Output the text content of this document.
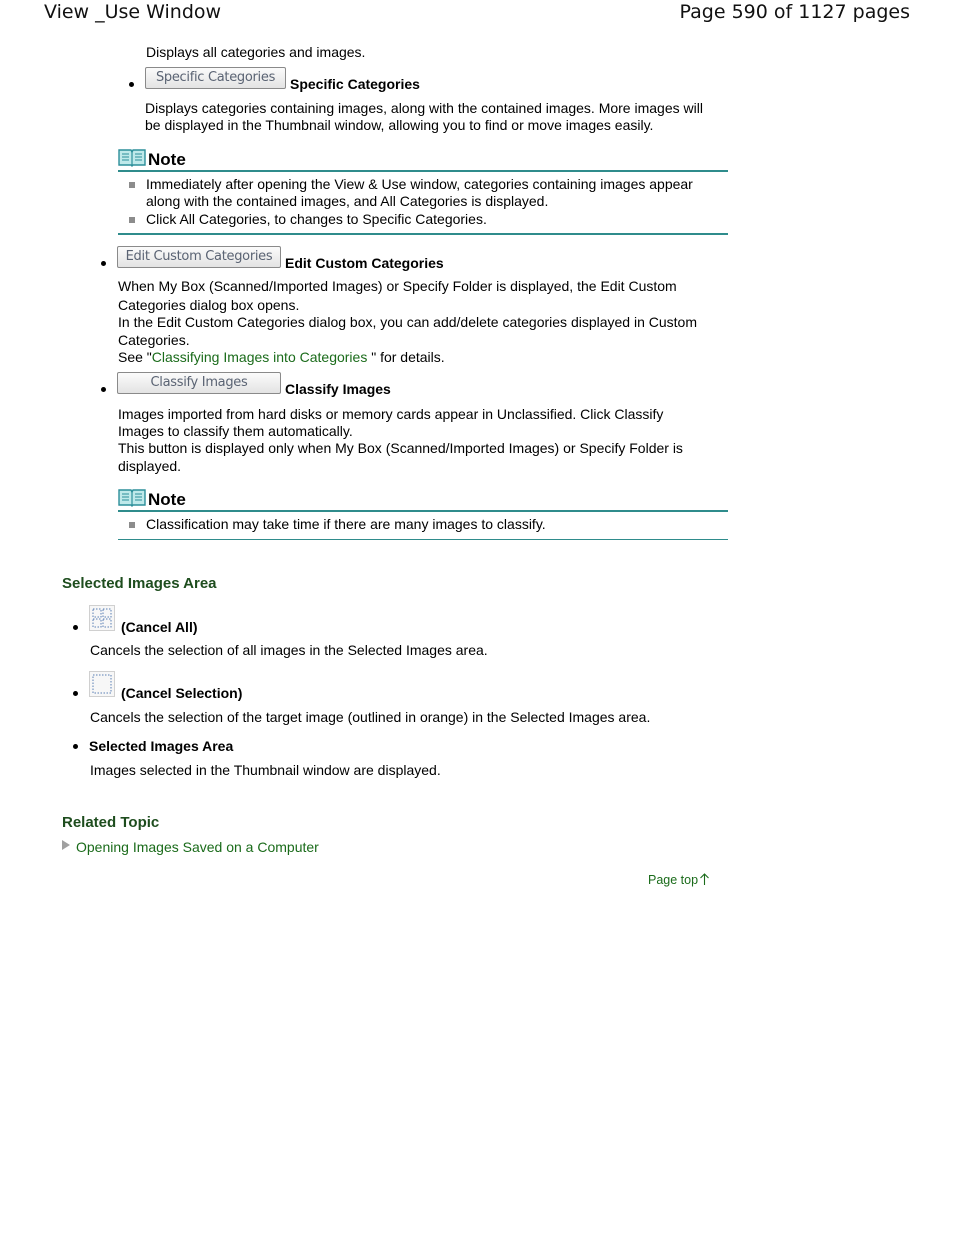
View _Use Window	Page 590 of 1127 pages

Displays all categories and images.

Specific Categories	Specific Categories

Displays categories containing images, along with the contained images. More images will

be displayed in the Thumbnail window, allowing you to find or move images easily.

Note

Immediately after opening the View & Use window, categories containing images appear

along with the contained images, and All Categories is displayed.

Click All Categories, to changes to Specific Categories.

Edit Custom Categories Edit Custom Categories

When My Box (Scanned/Imported Images) or Specify Folder is displayed, the Edit Custom

Categories dialog box opens.

In the Edit Custom Categories dialog box, you can add/delete categories displayed in Custom

Categories.

See "Classifying Images into Categories " for details.

Classify Images	Classify Images

Images imported from hard disks or memory cards appear in Unclassified. Click Classify

Images to classify them automatically.

This button is displayed only when My Box (Scanned/Imported Images) or Specify Folder is

displayed.

Note

Classification may take time if there are many images to classify.

Selected Images Area
(Cancel All)

Cancels the selection of all images in the Selected Images area.

(Cancel Selection)

Cancels the selection of the target image (outlined in orange) in the Selected Images area.

Selected Images Area

Images selected in the Thumbnail window are displayed.

Related Topic
Opening Images Saved on a Computer
Page top
